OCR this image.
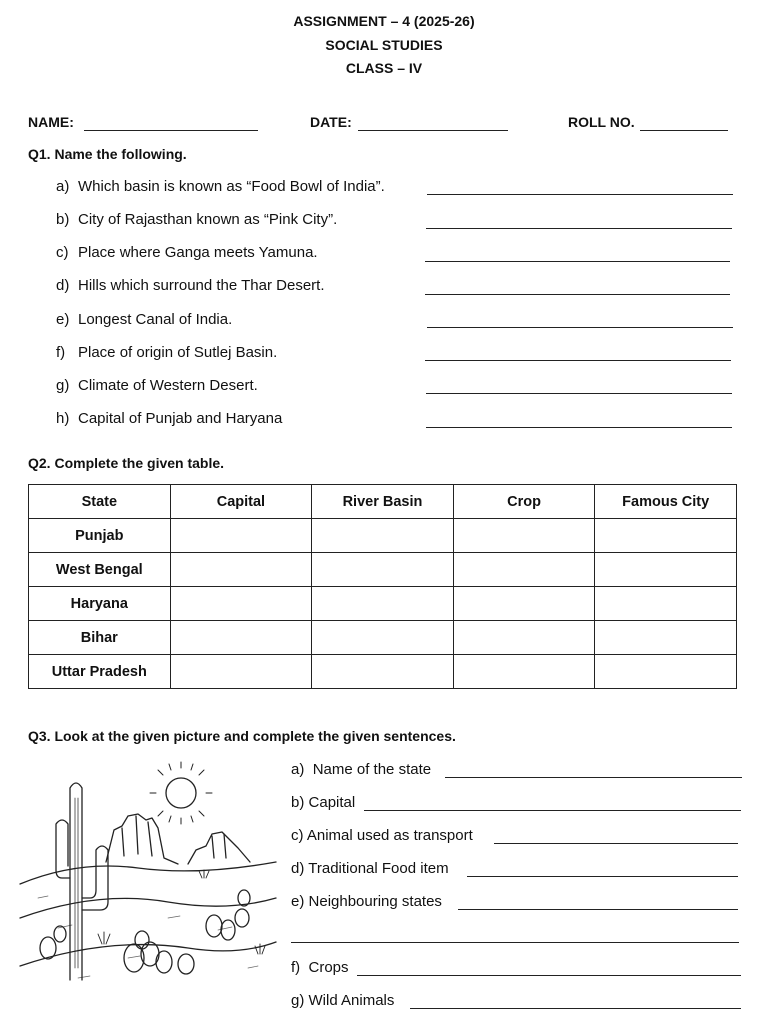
ASSIGNMENT – 4 (2025-26)
SOCIAL STUDIES
CLASS – IV
NAME:	DATE:	ROLL NO.
Q1. Name the following.
a) Which basin is known as “Food Bowl of India”.
b) City of Rajasthan known as “Pink City”.
c) Place where Ganga meets Yamuna.
d) Hills which surround the Thar Desert.
e) Longest Canal of India.
f) Place of origin of Sutlej Basin.
g) Climate of Western Desert.
h) Capital of Punjab and Haryana
Q2. Complete the given table.
State	Capital	River Basin	Crop	Famous City
Punjab				
West Bengal				
Haryana				
Bihar				
Uttar Pradesh				
Q3. Look at the given picture and complete the given sentences.
a) Name of the state
b) Capital
c) Animal used as transport
d) Traditional Food item
e) Neighbouring states
f) Crops
g) Wild Animals
